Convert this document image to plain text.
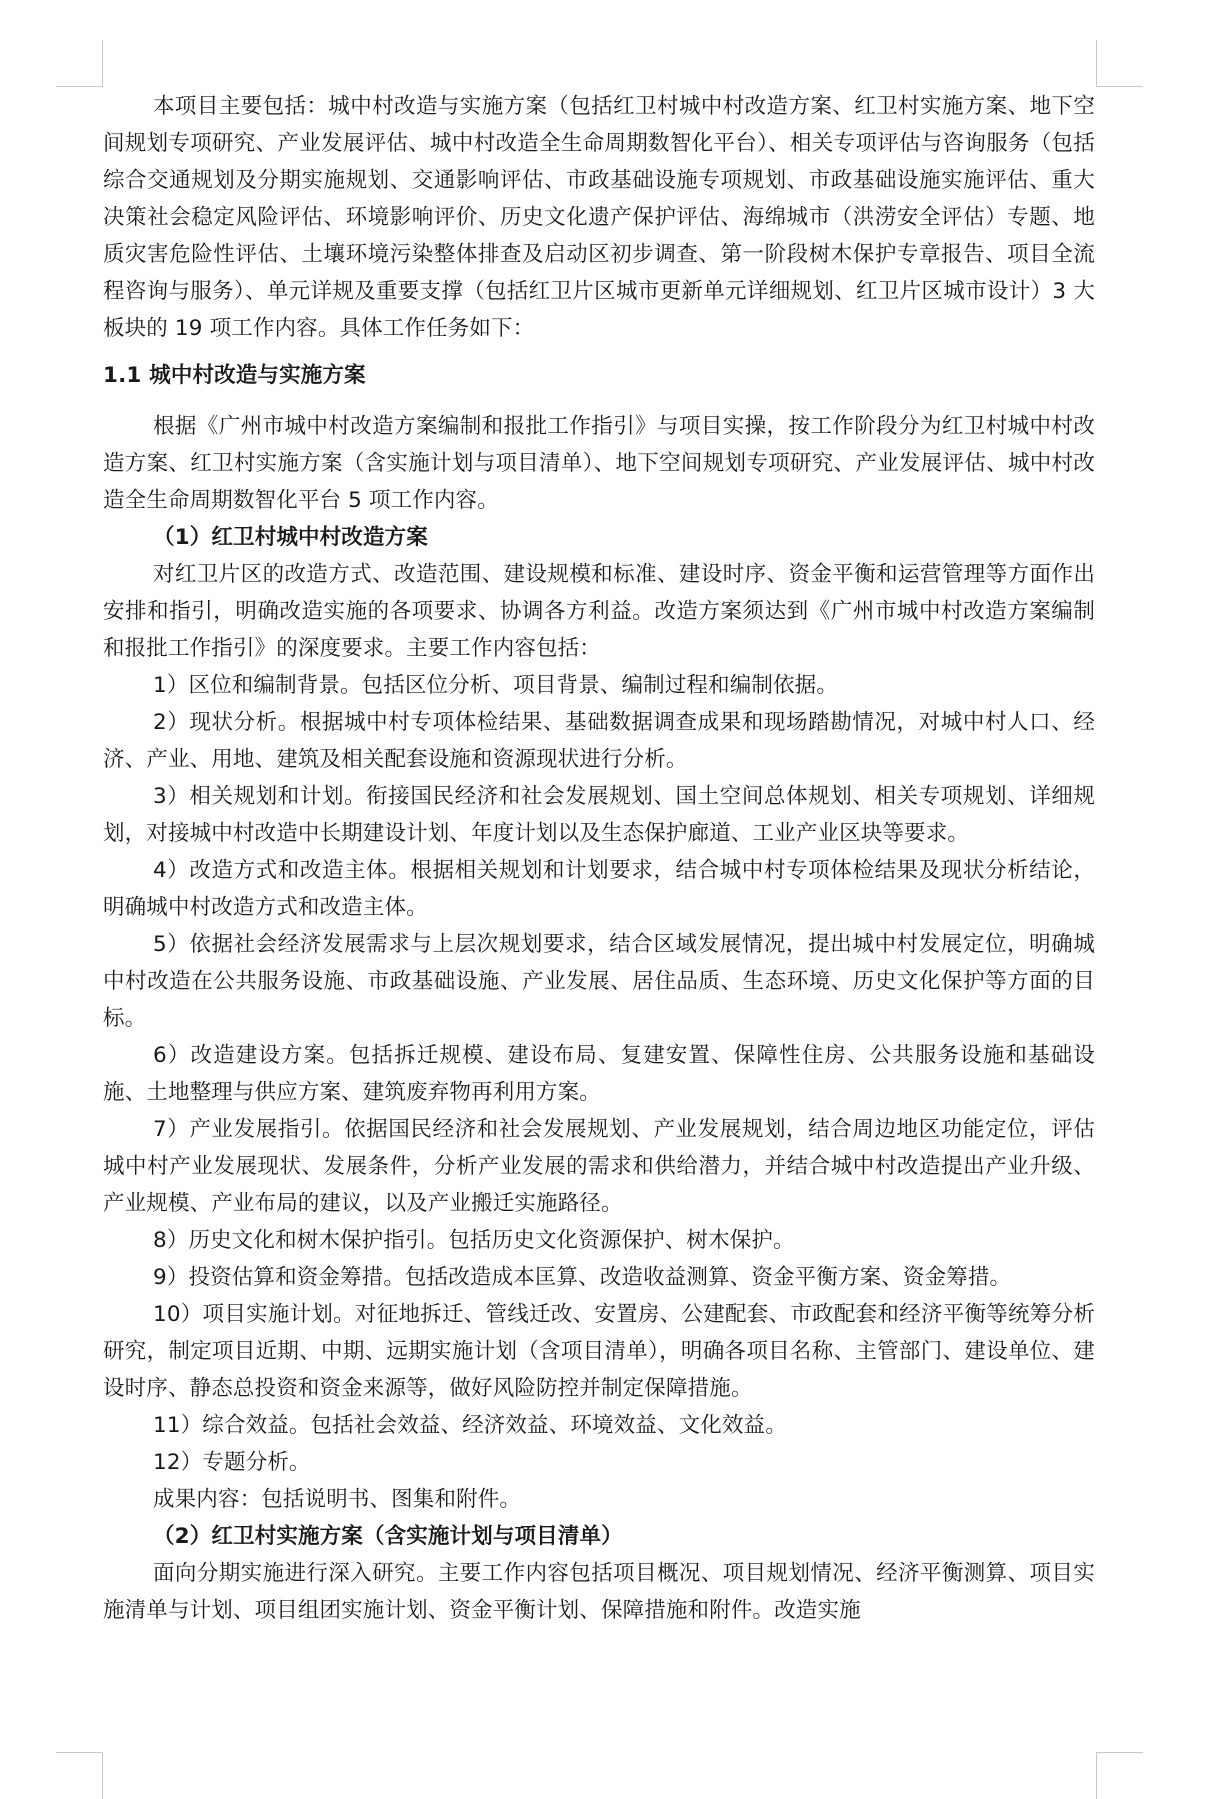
本项目主要包括：城中村改造与实施方案（包括红卫村城中村改造方案、红卫村实施方案、地下空间规划专项研究、产业发展评估、城中村改造全生命周期数智化平台）、相关专项评估与咨询服务（包括综合交通规划及分期实施规划、交通影响评估、市政基础设施专项规划、市政基础设施实施评估、重大决策社会稳定风险评估、环境影响评价、历史文化遗产保护评估、海绵城市（洪涝安全评估）专题、地质灾害危险性评估、土壤环境污染整体排查及启动区初步调查、第一阶段树木保护专章报告、项目全流程咨询与服务）、单元详规及重要支撑（包括红卫片区城市更新单元详细规划、红卫片区城市设计）3 大板块的 19 项工作内容。具体工作任务如下：

1.1 城中村改造与实施方案

根据《广州市城中村改造方案编制和报批工作指引》与项目实操，按工作阶段分为红卫村城中村改造方案、红卫村实施方案（含实施计划与项目清单）、地下空间规划专项研究、产业发展评估、城中村改造全生命周期数智化平台 5 项工作内容。

（1）红卫村城中村改造方案

对红卫片区的改造方式、改造范围、建设规模和标准、建设时序、资金平衡和运营管理等方面作出安排和指引，明确改造实施的各项要求、协调各方利益。改造方案须达到《广州市城中村改造方案编制和报批工作指引》的深度要求。主要工作内容包括：

1）区位和编制背景。包括区位分析、项目背景、编制过程和编制依据。

2）现状分析。根据城中村专项体检结果、基础数据调查成果和现场踏勘情况，对城中村人口、经济、产业、用地、建筑及相关配套设施和资源现状进行分析。

3）相关规划和计划。衔接国民经济和社会发展规划、国土空间总体规划、相关专项规划、详细规划，对接城中村改造中长期建设计划、年度计划以及生态保护廊道、工业产业区块等要求。

4）改造方式和改造主体。根据相关规划和计划要求，结合城中村专项体检结果及现状分析结论，明确城中村改造方式和改造主体。

5）依据社会经济发展需求与上层次规划要求，结合区域发展情况，提出城中村发展定位，明确城中村改造在公共服务设施、市政基础设施、产业发展、居住品质、生态环境、历史文化保护等方面的目标。

6）改造建设方案。包括拆迁规模、建设布局、复建安置、保障性住房、公共服务设施和基础设施、土地整理与供应方案、建筑废弃物再利用方案。

7）产业发展指引。依据国民经济和社会发展规划、产业发展规划，结合周边地区功能定位，评估城中村产业发展现状、发展条件，分析产业发展的需求和供给潜力，并结合城中村改造提出产业升级、产业规模、产业布局的建议，以及产业搬迁实施路径。

8）历史文化和树木保护指引。包括历史文化资源保护、树木保护。

9）投资估算和资金筹措。包括改造成本匡算、改造收益测算、资金平衡方案、资金筹措。

10）项目实施计划。对征地拆迁、管线迁改、安置房、公建配套、市政配套和经济平衡等统筹分析研究，制定项目近期、中期、远期实施计划（含项目清单），明确各项目名称、主管部门、建设单位、建设时序、静态总投资和资金来源等，做好风险防控并制定保障措施。

11）综合效益。包括社会效益、经济效益、环境效益、文化效益。

12）专题分析。

成果内容：包括说明书、图集和附件。

（2）红卫村实施方案（含实施计划与项目清单）

面向分期实施进行深入研究。主要工作内容包括项目概况、项目规划情况、经济平衡测算、项目实施清单与计划、项目组团实施计划、资金平衡计划、保障措施和附件。改造实施
